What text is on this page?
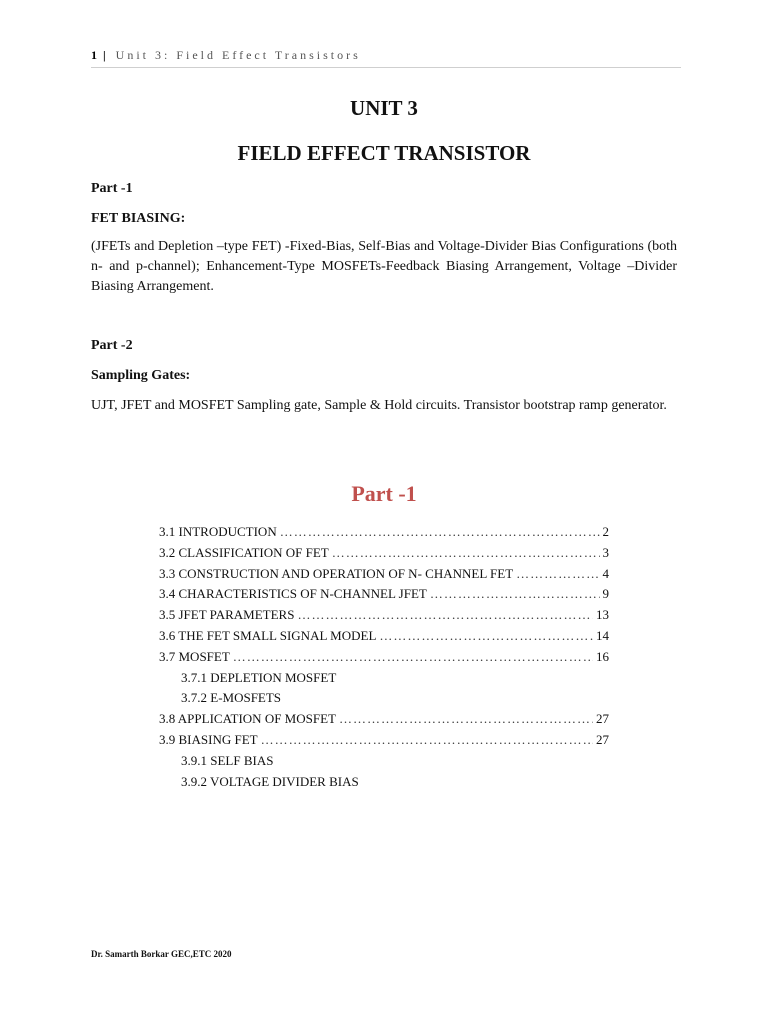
1 | Unit 3: Field Effect Transistors
UNIT 3
FIELD EFFECT TRANSISTOR
Part -1
FET BIASING:
(JFETs and Depletion –type FET) -Fixed-Bias, Self-Bias and Voltage-Divider Bias Configurations (both n- and p-channel); Enhancement-Type MOSFETs-Feedback Biasing Arrangement, Voltage –Divider Biasing Arrangement.
Part -2
Sampling Gates:
UJT, JFET and MOSFET Sampling gate, Sample & Hold circuits. Transistor bootstrap ramp generator.
Part -1
3.1 INTRODUCTION ……………………………………………………………………………………………………………………………	2
3.2 CLASSIFICATION OF FET ……………………………………………………………………………………………………………………………	3
3.3 CONSTRUCTION AND OPERATION OF N- CHANNEL FET ……………………………………………………………………………………………………………………………	4
3.4 CHARACTERISTICS OF N-CHANNEL JFET ……………………………………………………………………………………………………………………………	9
3.5 JFET PARAMETERS ……………………………………………………………………………………………………………………………	13
3.6 THE FET SMALL SIGNAL MODEL ……………………………………………………………………………………………………………………………	14
3.7 MOSFET ……………………………………………………………………………………………………………………………	16
3.7.1 DEPLETION MOSFET
3.7.2 E-MOSFETS
3.8 APPLICATION OF MOSFET ……………………………………………………………………………………………………………………………	27
3.9 BIASING FET ……………………………………………………………………………………………………………………………	27
3.9.1 SELF BIAS
3.9.2 VOLTAGE DIVIDER BIAS
Dr. Samarth Borkar GEC,ETC 2020
